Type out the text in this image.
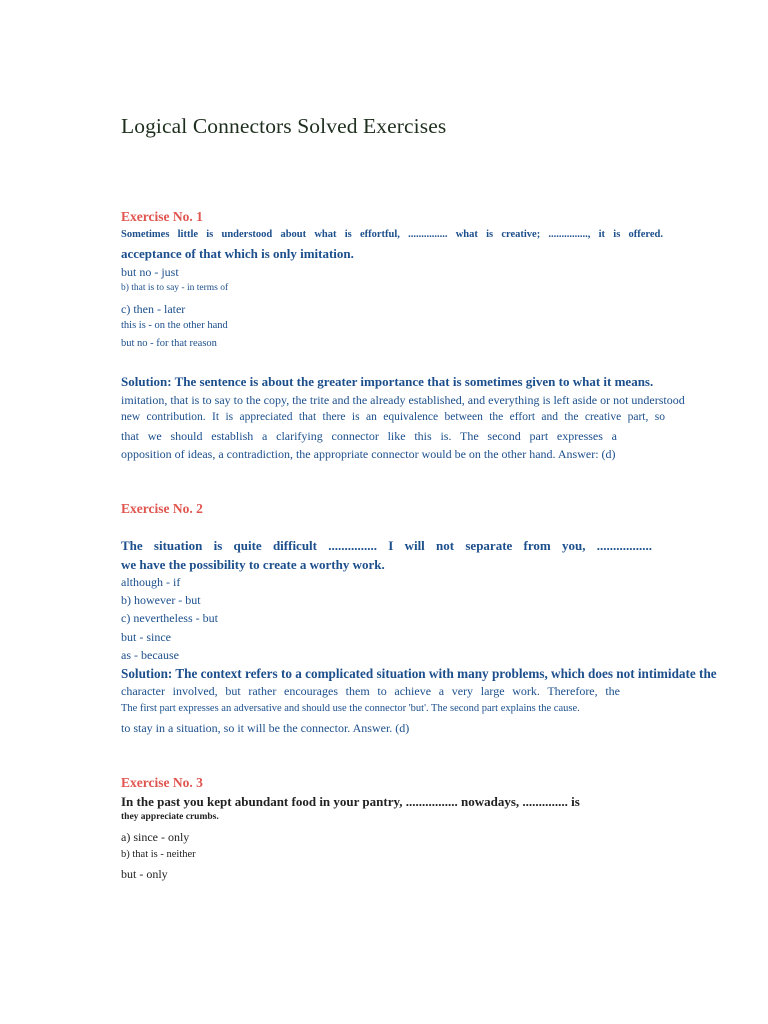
Logical Connectors Solved Exercises
Exercise No. 1
Sometimes little is understood about what is effortful, ............... what is creative; ..............., it is offered.
acceptance of that which is only imitation.
but no - just
b) that is to say - in terms of
c) then - later
this is - on the other hand
but no - for that reason
Solution: The sentence is about the greater importance that is sometimes given to what it means.
imitation, that is to say to the copy, the trite and the already established, and everything is left aside or not understood
new contribution. It is appreciated that there is an equivalence between the effort and the creative part, so
that we should establish a clarifying connector like this is. The second part expresses a
opposition of ideas, a contradiction, the appropriate connector would be on the other hand. Answer: (d)
Exercise No. 2
The situation is quite difficult ............... I will not separate from you, .................
we have the possibility to create a worthy work.
although - if
b) however - but
c) nevertheless - but
but - since
as - because
Solution: The context refers to a complicated situation with many problems, which does not intimidate the
character involved, but rather encourages them to achieve a very large work. Therefore, the
The first part expresses an adversative and should use the connector 'but'. The second part explains the cause.
to stay in a situation, so it will be the connector. Answer. (d)
Exercise No. 3
In the past you kept abundant food in your pantry, ................ nowadays, .............. is
they appreciate crumbs.
a) since - only
b) that is - neither
but - only
